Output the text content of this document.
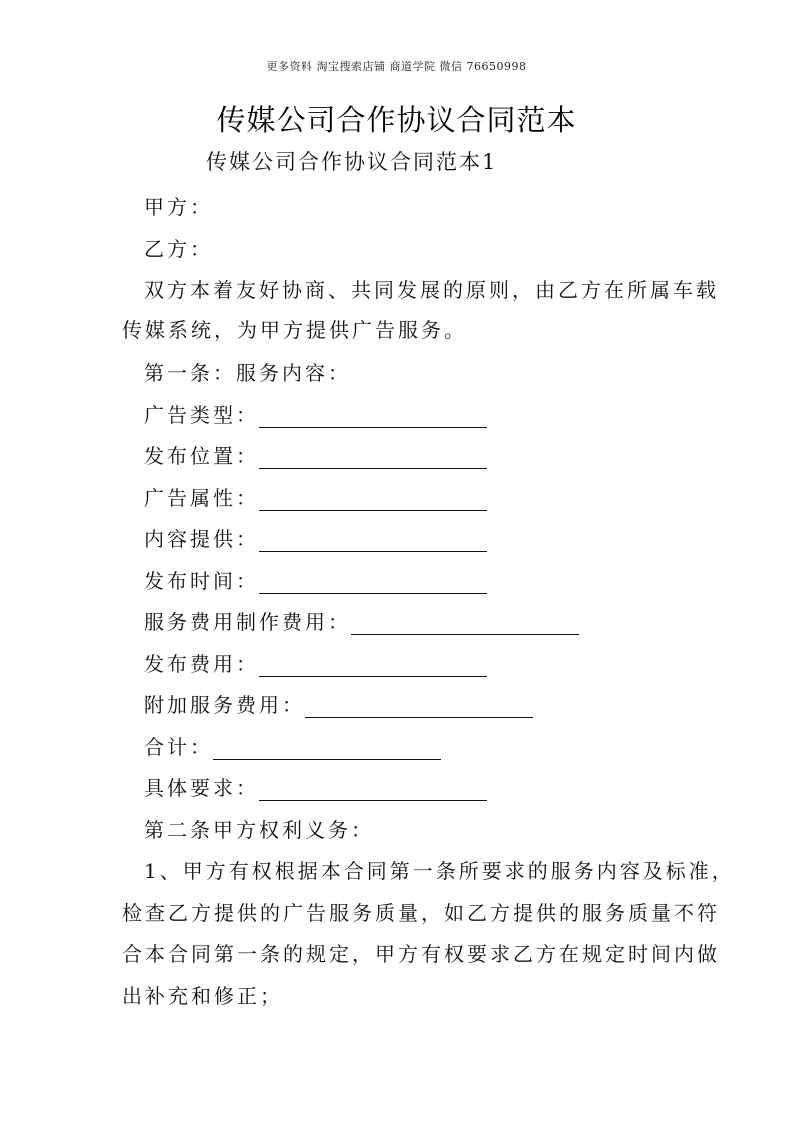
更多资料 淘宝搜索店铺 商道学院 微信 76650998
传媒公司合作协议合同范本
传媒公司合作协议合同范本1
甲方：
乙方：
双方本着友好协商、共同发展的原则，由乙方在所属车载
传媒系统，为甲方提供广告服务。
第一条：服务内容：
广告类型：
发布位置：
广告属性：
内容提供：
发布时间：
服务费用制作费用：
发布费用：
附加服务费用：
合计：
具体要求：
第二条甲方权利义务：
1、甲方有权根据本合同第一条所要求的服务内容及标准，
检查乙方提供的广告服务质量，如乙方提供的服务质量不符
合本合同第一条的规定，甲方有权要求乙方在规定时间内做
出补充和修正；
